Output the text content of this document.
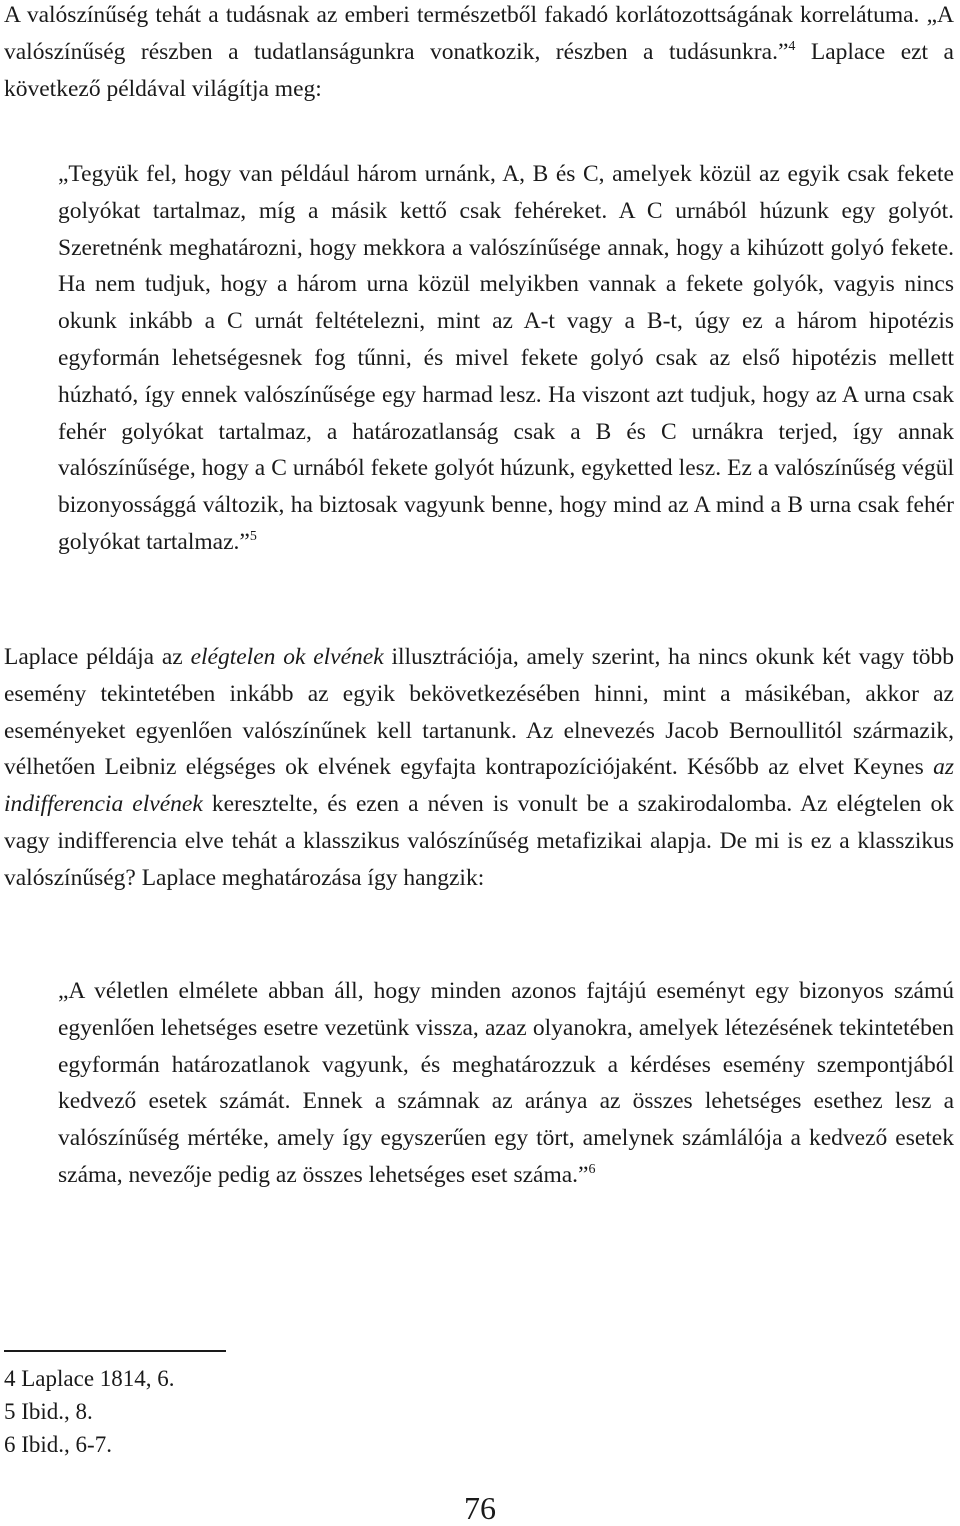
A valószínűség tehát a tudásnak az emberi természetből fakadó korlátozottságának korrelátuma. „A valószínűség részben a tudatlanságunkra vonatkozik, részben a tudásunkra.”$^4$ Laplace ezt a következő példával világítja meg:

„Tegyük fel, hogy van például három urnánk, A, B és C, amelyek közül az egyik csak fekete golyókat tartalmaz, míg a másik kettő csak fehéreket. A C urnából húzunk egy golyót. Szeretnénk meghatározni, hogy mekkora a valószínűsége annak, hogy a kihúzott golyó fekete. Ha nem tudjuk, hogy a három urna közül melyikben vannak a fekete golyók, vagyis nincs okunk inkább a C urnát feltételezni, mint az A-t vagy a B-t, úgy ez a három hipotézis egyformán lehetségesnek fog tűnni, és mivel fekete golyó csak az első hipotézis mellett húzható, így ennek valószínűsége egy harmad lesz. Ha viszont azt tudjuk, hogy az A urna csak fehér golyókat tartalmaz, a határozatlanság csak a B és C urnákra terjed, így annak valószínűsége, hogy a C urnából fekete golyót húzunk, egyketted lesz. Ez a valószínűség végül bizonyossággá változik, ha biztosak vagyunk benne, hogy mind az A mind a B urna csak fehér golyókat tartalmaz.”$^5$

Laplace példája az elégtelen ok elvének illusztrációja, amely szerint, ha nincs okunk két vagy több esemény tekintetében inkább az egyik bekövetkezésében hinni, mint a másikéban, akkor az eseményeket egyenlően valószínűnek kell tartanunk. Az elnevezés Jacob Bernoullitól származik, vélhetően Leibniz elégséges ok elvének egyfajta kontrapozíciójaként. Később az elvet Keynes az indifferencia elvének keresztelte, és ezen a néven is vonult be a szakirodalomba. Az elégtelen ok vagy indifferencia elve tehát a klasszikus valószínűség metafizikai alapja. De mi is ez a klasszikus valószínűség? Laplace meghatározása így hangzik:

„A véletlen elmélete abban áll, hogy minden azonos fajtájú eseményt egy bizonyos számú egyenlően lehetséges esetre vezetünk vissza, azaz olyanokra, amelyek létezésének tekintetében egyformán határozatlanok vagyunk, és meghatározzuk a kérdéses esemény szempontjából kedvező esetek számát. Ennek a számnak az aránya az összes lehetséges esethez lesz a valószínűség mértéke, amely így egyszerűen egy tört, amelynek számlálója a kedvező esetek száma, nevezője pedig az összes lehetséges eset száma.”$^6$

4 Laplace 1814, 6.
5 Ibid., 8.
6 Ibid., 6-7.
76
